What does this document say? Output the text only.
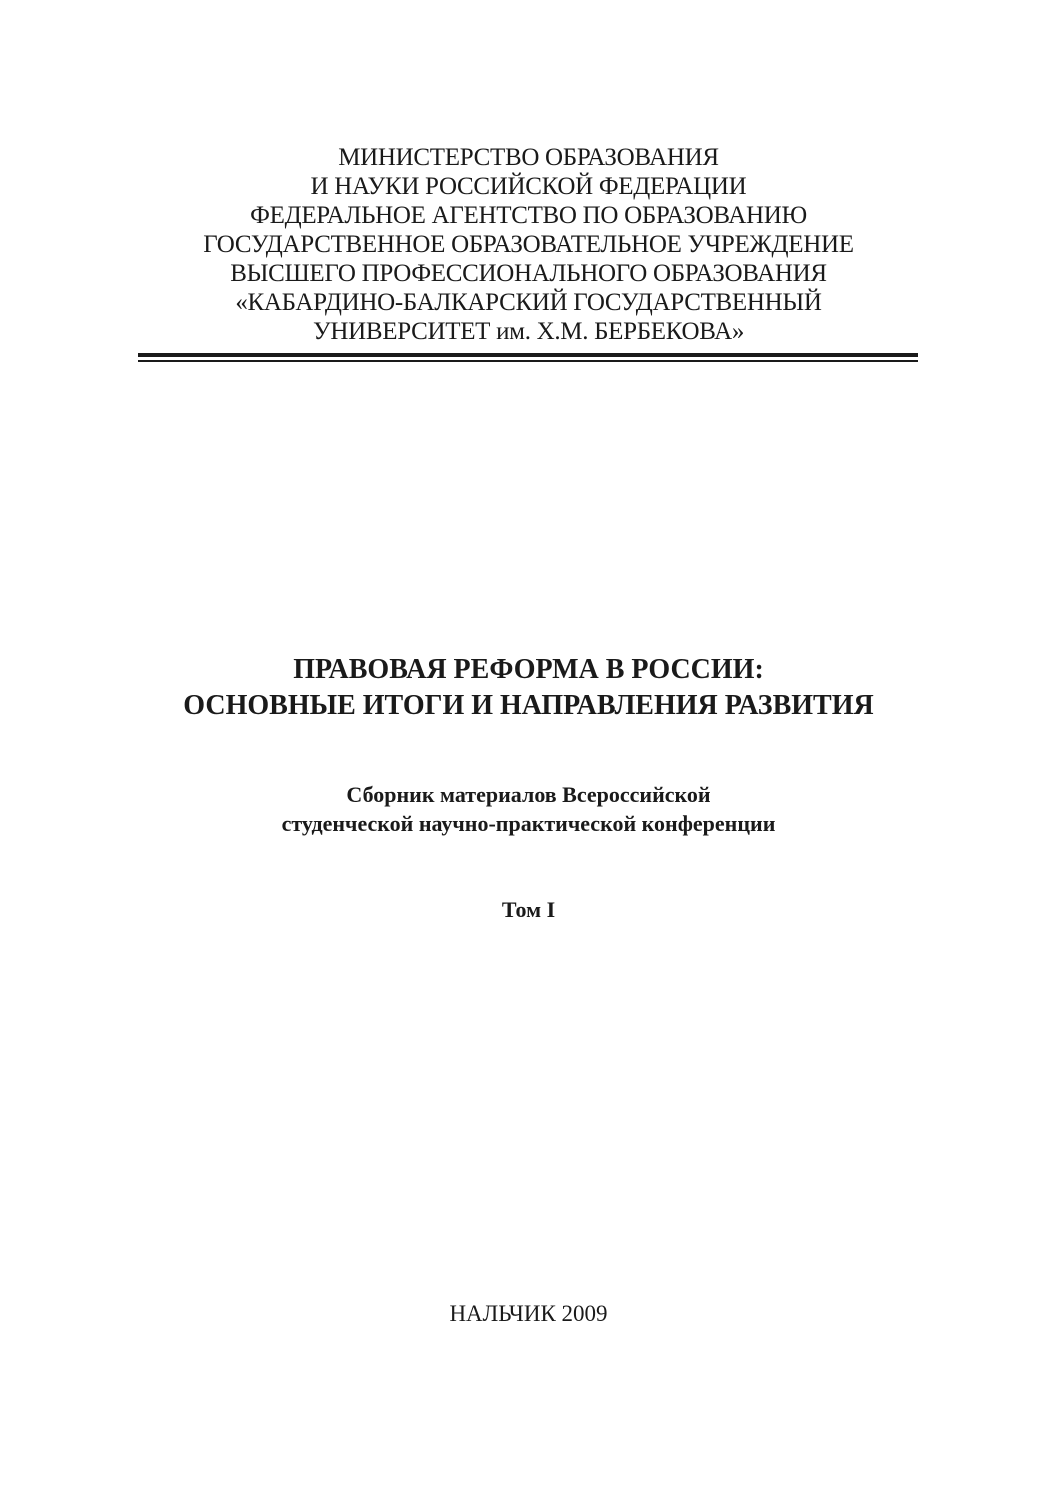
МИНИСТЕРСТВО ОБРАЗОВАНИЯ
И НАУКИ РОССИЙСКОЙ ФЕДЕРАЦИИ
ФЕДЕРАЛЬНОЕ АГЕНТСТВО ПО ОБРАЗОВАНИЮ
ГОСУДАРСТВЕННОЕ ОБРАЗОВАТЕЛЬНОЕ УЧРЕЖДЕНИЕ
ВЫСШЕГО ПРОФЕССИОНАЛЬНОГО ОБРАЗОВАНИЯ
«КАБАРДИНО-БАЛКАРСКИЙ ГОСУДАРСТВЕННЫЙ
УНИВЕРСИТЕТ им. Х.М. БЕРБЕКОВА»
ПРАВОВАЯ РЕФОРМА В РОССИИ:
ОСНОВНЫЕ ИТОГИ И НАПРАВЛЕНИЯ РАЗВИТИЯ
Сборник материалов Всероссийской
студенческой научно-практической конференции
Том I
НАЛЬЧИК 2009
